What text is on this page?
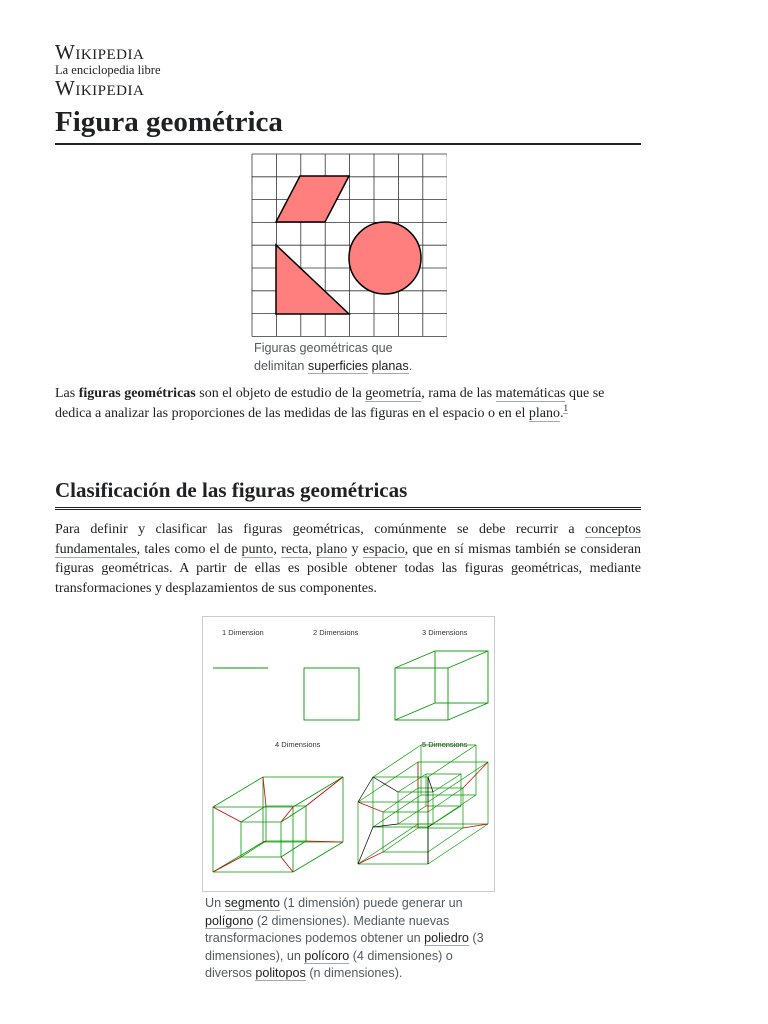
Wikipedia
La enciclopedia libre
Wikipedia
Figura geométrica
Figuras geométricas que delimitan superficies planas.

Las figuras geométricas son el objeto de estudio de la geometría, rama de las matemáticas que se dedica a analizar las proporciones de las medidas de las figuras en el espacio o en el plano.$^1$

Clasificación de las figuras geométricas

Para definir y clasificar las figuras geométricas, comúnmente se debe recurrir a conceptos fundamentales, tales como el de punto, recta, plano y espacio, que en sí mismas también se consideran figuras geométricas. A partir de ellas es posible obtener todas las figuras geométricas, mediante transformaciones y desplazamientos de sus componentes.

1 Dimension	2 Dimensions	3 Dimensions
4 Dimensions	5 Dimensions
Un segmento (1 dimensión) puede generar un polígono (2 dimensiones). Mediante nuevas transformaciones podemos obtener un poliedro (3 dimensiones), un polícoro (4 dimensiones) o diversos politopos (n dimensiones).
